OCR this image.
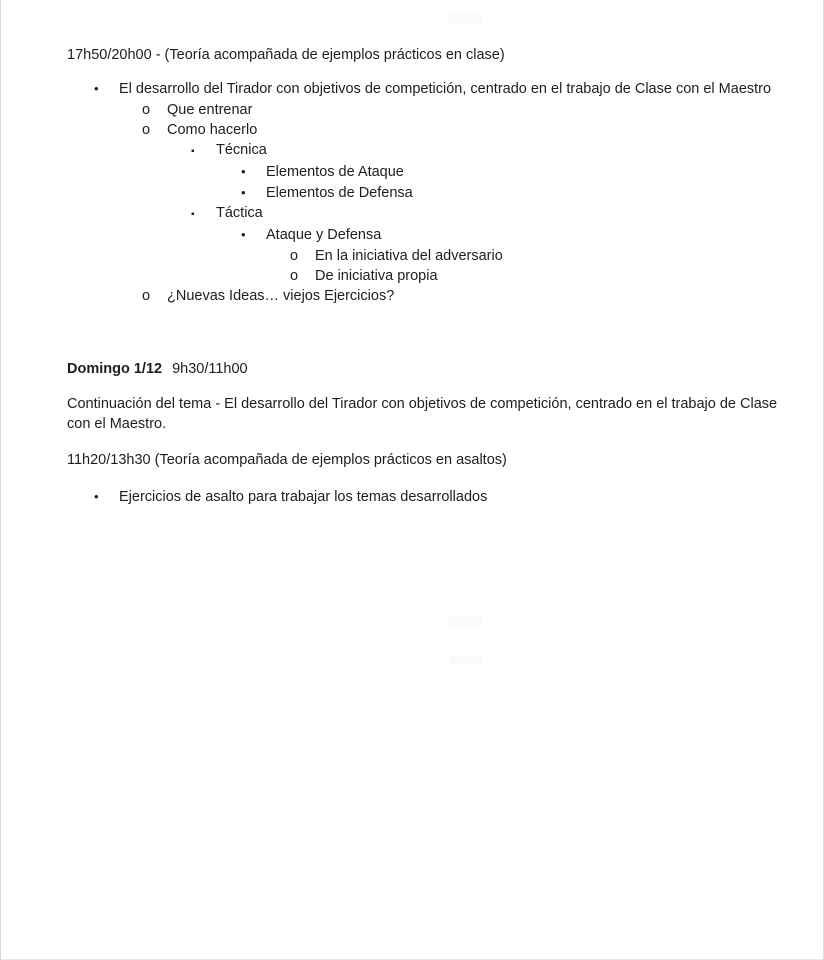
17h50/20h00 - (Teoría acompañada de ejemplos prácticos en clase)

•	El desarrollo del Tirador con objetivos de competición, centrado en el trabajo de Clase con el Maestro
o	Que entrenar
o	Como hacerlo
▪	Técnica
•	Elementos de Ataque
•	Elementos de Defensa
▪	Táctica
•	Ataque y Defensa
o	En la iniciativa del adversario
o	De iniciativa propia
o	¿Nuevas Ideas… viejos Ejercicios?

Domingo 1/12 9h30/11h00

Continuación del tema - El desarrollo del Tirador con objetivos de competición, centrado en el trabajo de Clase con el Maestro.

11h20/13h30 (Teoría acompañada de ejemplos prácticos en asaltos)

•	Ejercicios de asalto para trabajar los temas desarrollados
